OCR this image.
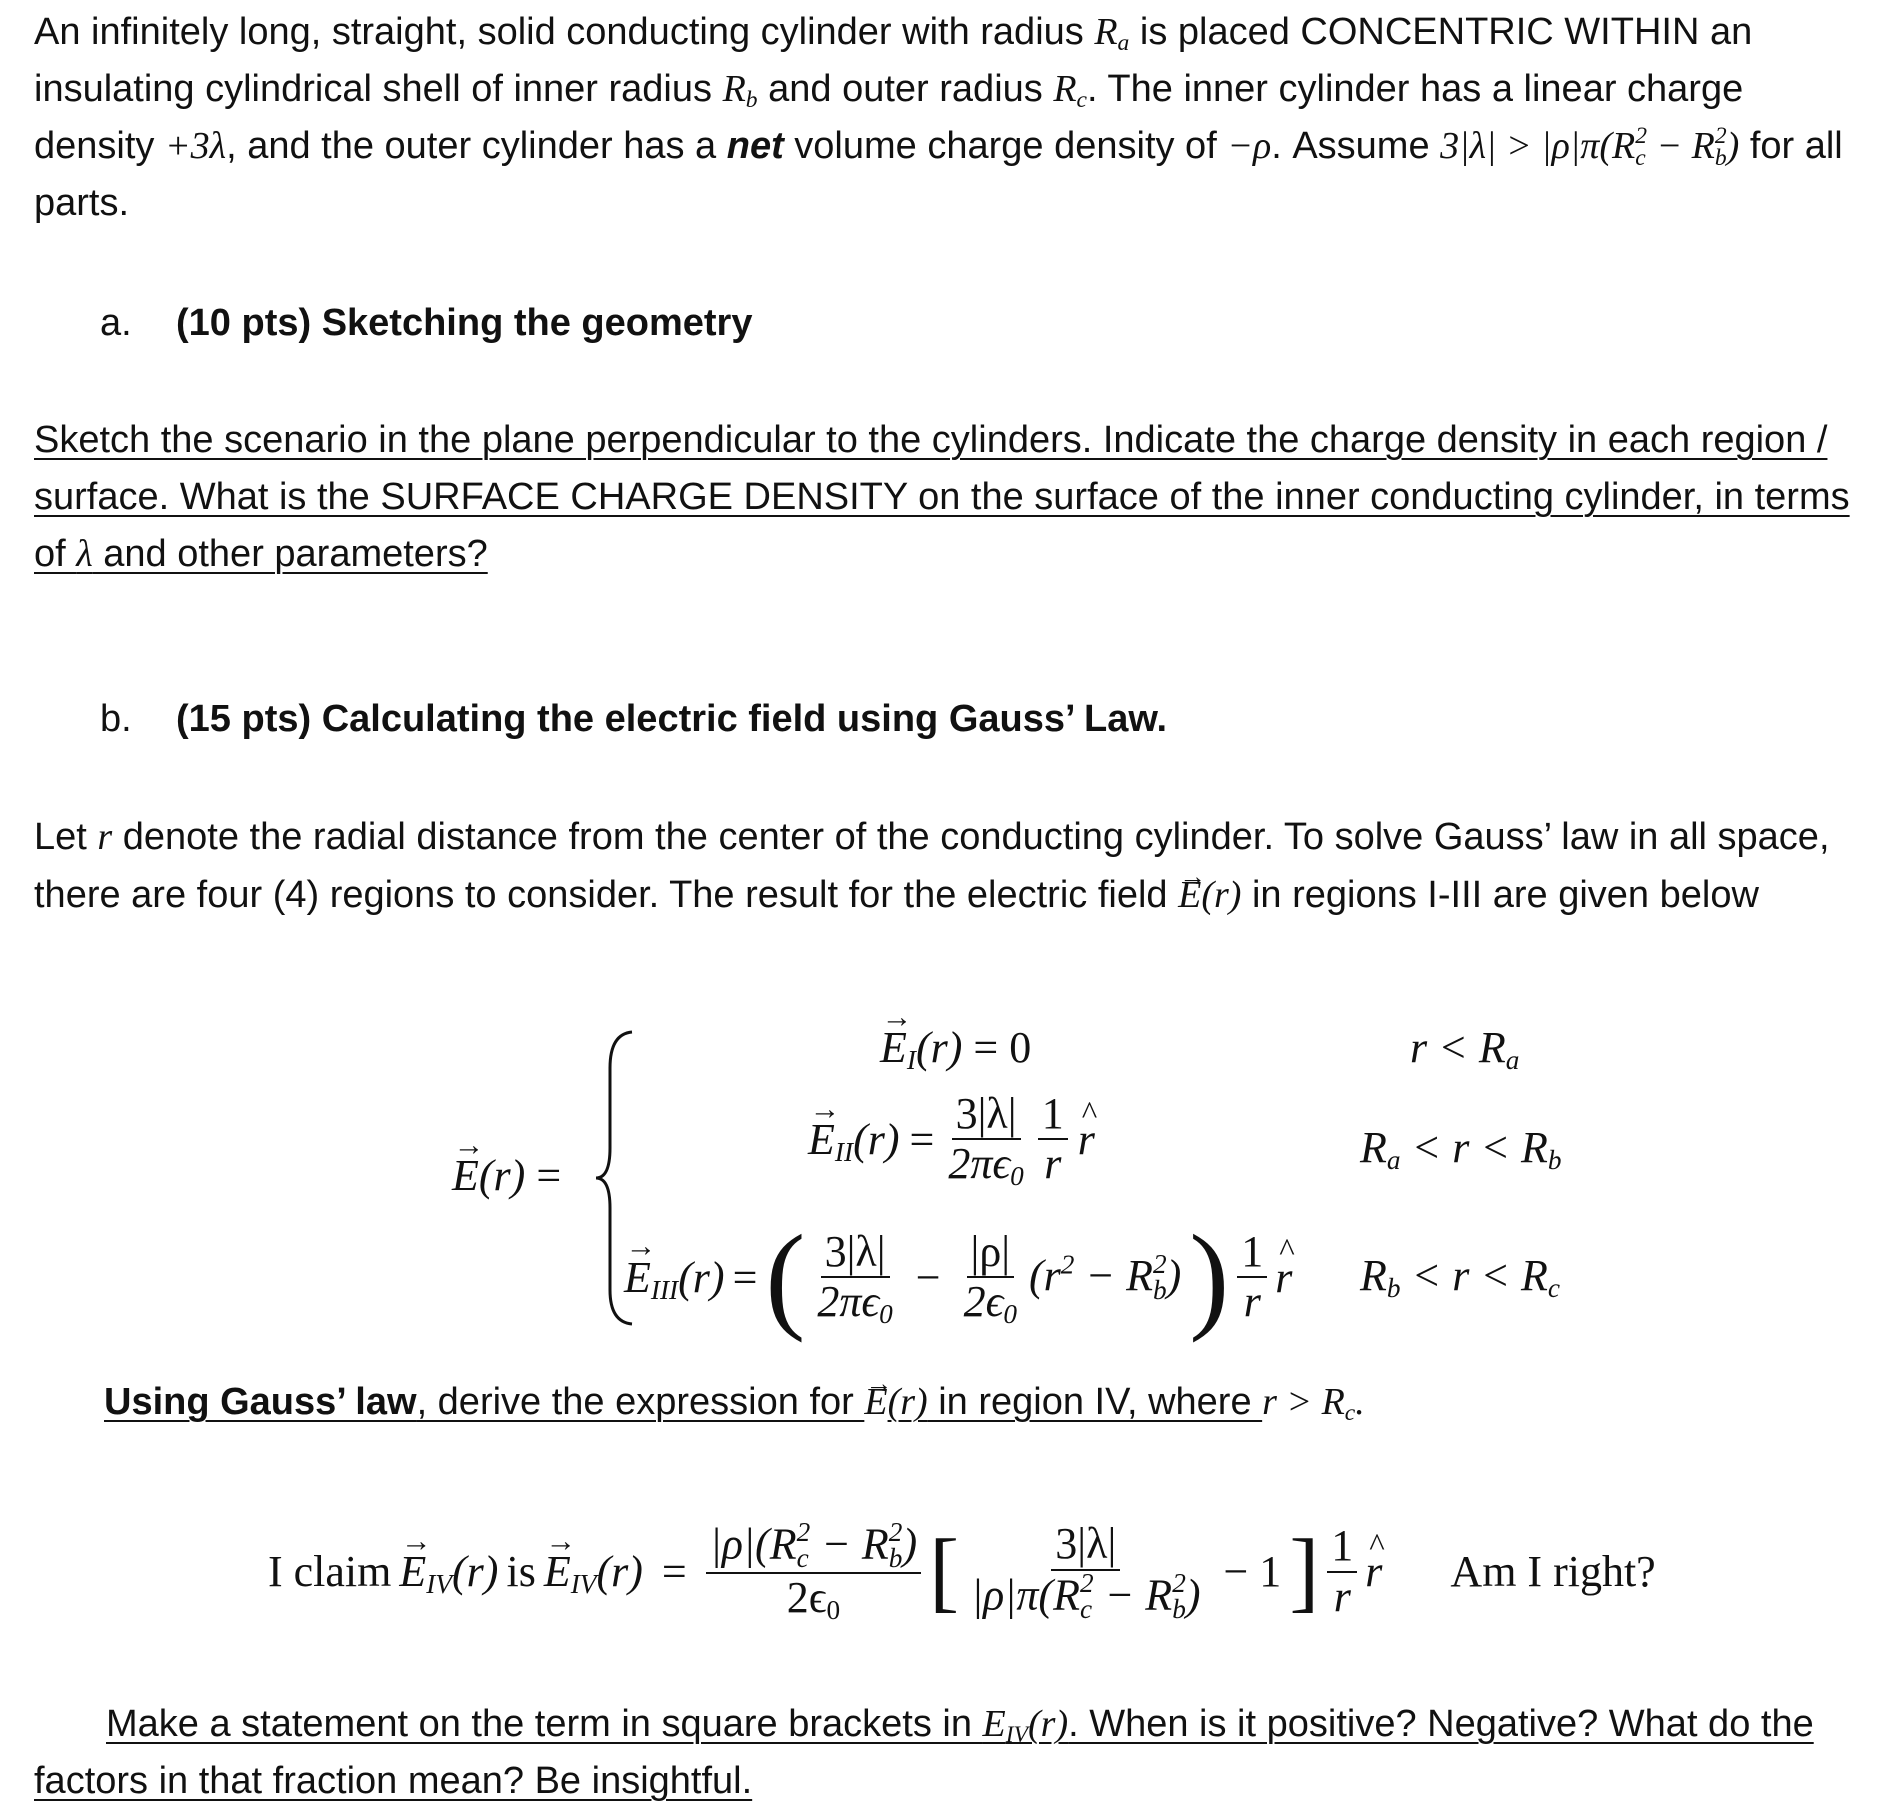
An infinitely long, straight, solid conducting cylinder with radius $R_a$ is placed CONCENTRIC WITHIN an insulating cylindrical shell of inner radius $R_b$ and outer radius $R_c$. The inner cylinder has a linear charge density +3λ, and the outer cylinder has a net volume charge density of −ρ. Assume 3|λ| > |ρ|π(R 2
c − R 2
b ) for all parts.
a. (10 pts) Sketching the geometry
Sketch the scenario in the plane perpendicular to the cylinders. Indicate the charge density in each region / surface. What is the SURFACE CHARGE DENSITY on the surface of the inner conducting cylinder, in terms of λ and other parameters?
b. (15 pts) Calculating the electric field using Gauss’ Law.
Let r denote the radial distance from the center of the conducting cylinder. To solve Gauss’ law in all space, there are four (4) regions to consider. The result for the electric field → E(r) in regions I-III are given below
→ E(r) =
→ $E_I(r) = 0$	$r < R_a$
→ $E_{II}(r) = \frac{3|\lambda|}{2\pi\epsilon_0} \frac{1}{r}$ ^ r	$R_a < r < R_b$
→ $E_{III}(r)$ = ( $\frac{3|\lambda|}{2\pi\epsilon_0} - \frac{|\rho|}{2\epsilon_0} (r^2 - R$ 2
b ) ) $\frac{1}{r}$ ^ r $R_b < r < R_c$
Using Gauss’ law, derive the expression for → E(r) in region IV, where $r > R_c$.
I claim → $E_{IV}(r)$ is → $E_{IV}(r) = |\rho|(R$ 2
c − R 2
b )
$2\epsilon_0$ [ 3|λ|
|ρ|π(R 2
c − R 2
b ) − 1 ] $\frac{1}{r}$ ^ r Am I right?
Make a statement on the term in square brackets in $E_{IV}(r)$. When is it positive? Negative? What do the factors in that fraction mean? Be insightful.
